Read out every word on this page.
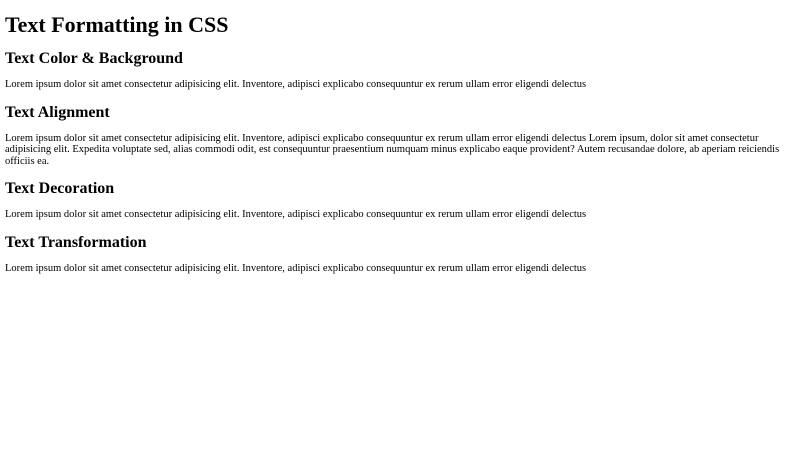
Text Formatting in CSS
Text Color & Background

Lorem ipsum dolor sit amet consectetur adipisicing elit. Inventore, adipisci explicabo consequuntur ex rerum ullam error eligendi delectus

Text Alignment

Lorem ipsum dolor sit amet consectetur adipisicing elit. Inventore, adipisci explicabo consequuntur ex rerum ullam error eligendi delectus Lorem ipsum, dolor sit amet consectetur adipisicing elit. Expedita voluptate sed, alias commodi odit, est consequuntur praesentium numquam minus explicabo eaque provident? Autem recusandae dolore, ab aperiam reiciendis officiis ea.

Text Decoration

Lorem ipsum dolor sit amet consectetur adipisicing elit. Inventore, adipisci explicabo consequuntur ex rerum ullam error eligendi delectus

Text Transformation

Lorem ipsum dolor sit amet consectetur adipisicing elit. Inventore, adipisci explicabo consequuntur ex rerum ullam error eligendi delectus
